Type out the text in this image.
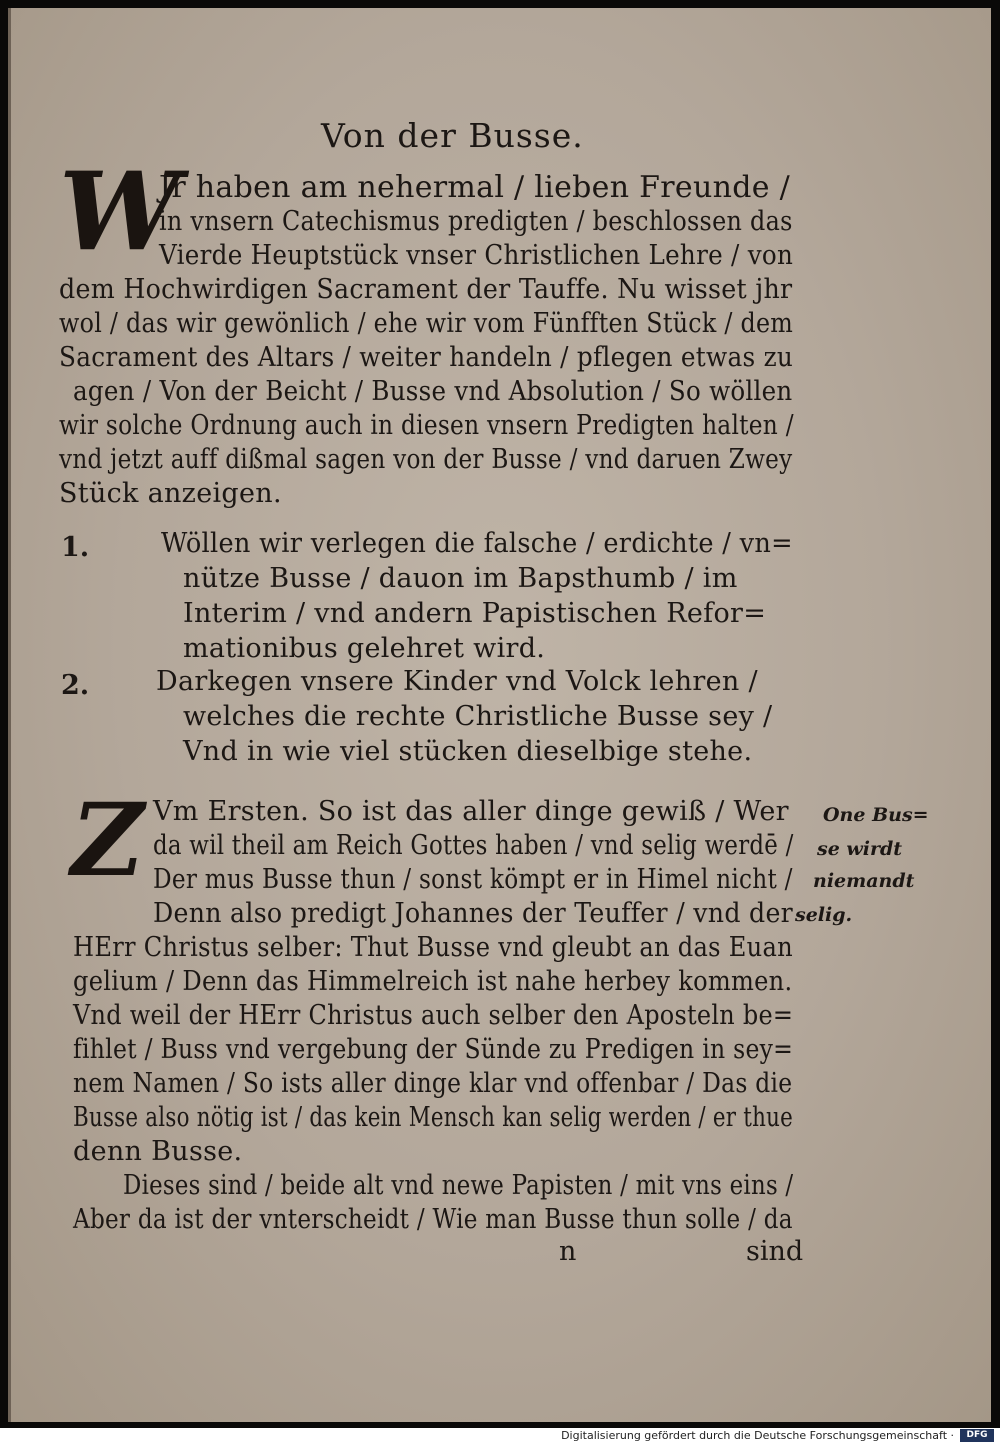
Von der Busse.
W
Jr haben am nehermal / lieben Freunde /
in vnsern Catechismus predigten / beschlossen das
Vierde Heuptstück vnser Christlichen Lehre / von
dem Hochwirdigen Sacrament der Tauffe. Nu wisset jhr
wol / das wir gewönlich / ehe wir vom Fünfften Stück / dem
Sacrament des Altars / weiter handeln / pflegen etwas zu
agen / Von der Beicht / Busse vnd Absolution / So wöllen
wir solche Ordnung auch in diesen vnsern Predigten halten /
vnd jetzt auff dißmal sagen von der Busse / vnd daruen Zwey
Stück anzeigen.
1.	Wöllen wir verlegen die falsche / erdichte / vn=
nütze Busse / dauon im Bapsthumb / im
Interim / vnd andern Papistischen Refor=
mationibus gelehret wird.
2. Darkegen vnsere Kinder vnd Volck lehren /
welches die rechte Christliche Busse sey /
Vnd in wie viel stücken dieselbige stehe.
Z Vm Ersten. So ist das aller dinge gewiß / Wer
da wil theil am Reich Gottes haben / vnd selig werdē /
Der mus Busse thun / sonst kömpt er in Himel nicht /
Denn also predigt Johannes der Teuffer / vnd der
HErr Christus selber: Thut Busse vnd gleubt an das Euan
gelium / Denn das Himmelreich ist nahe herbey kommen.
Vnd weil der HErr Christus auch selber den Aposteln be=
fihlet / Buss vnd vergebung der Sünde zu Predigen in sey=
nem Namen / So ists aller dinge klar vnd offenbar / Das die
Busse also nötig ist / das kein Mensch kan selig werden / er thue
denn Busse.
Dieses sind / beide alt vnd newe Papisten / mit vns eins /
Aber da ist der vnterscheidt / Wie man Busse thun solle / da
One Bus=
se wirdt
niemandt
selig.
n	sind
Digitalisierung gefördert durch die Deutsche Forschungsgemeinschaft ·	DFG
